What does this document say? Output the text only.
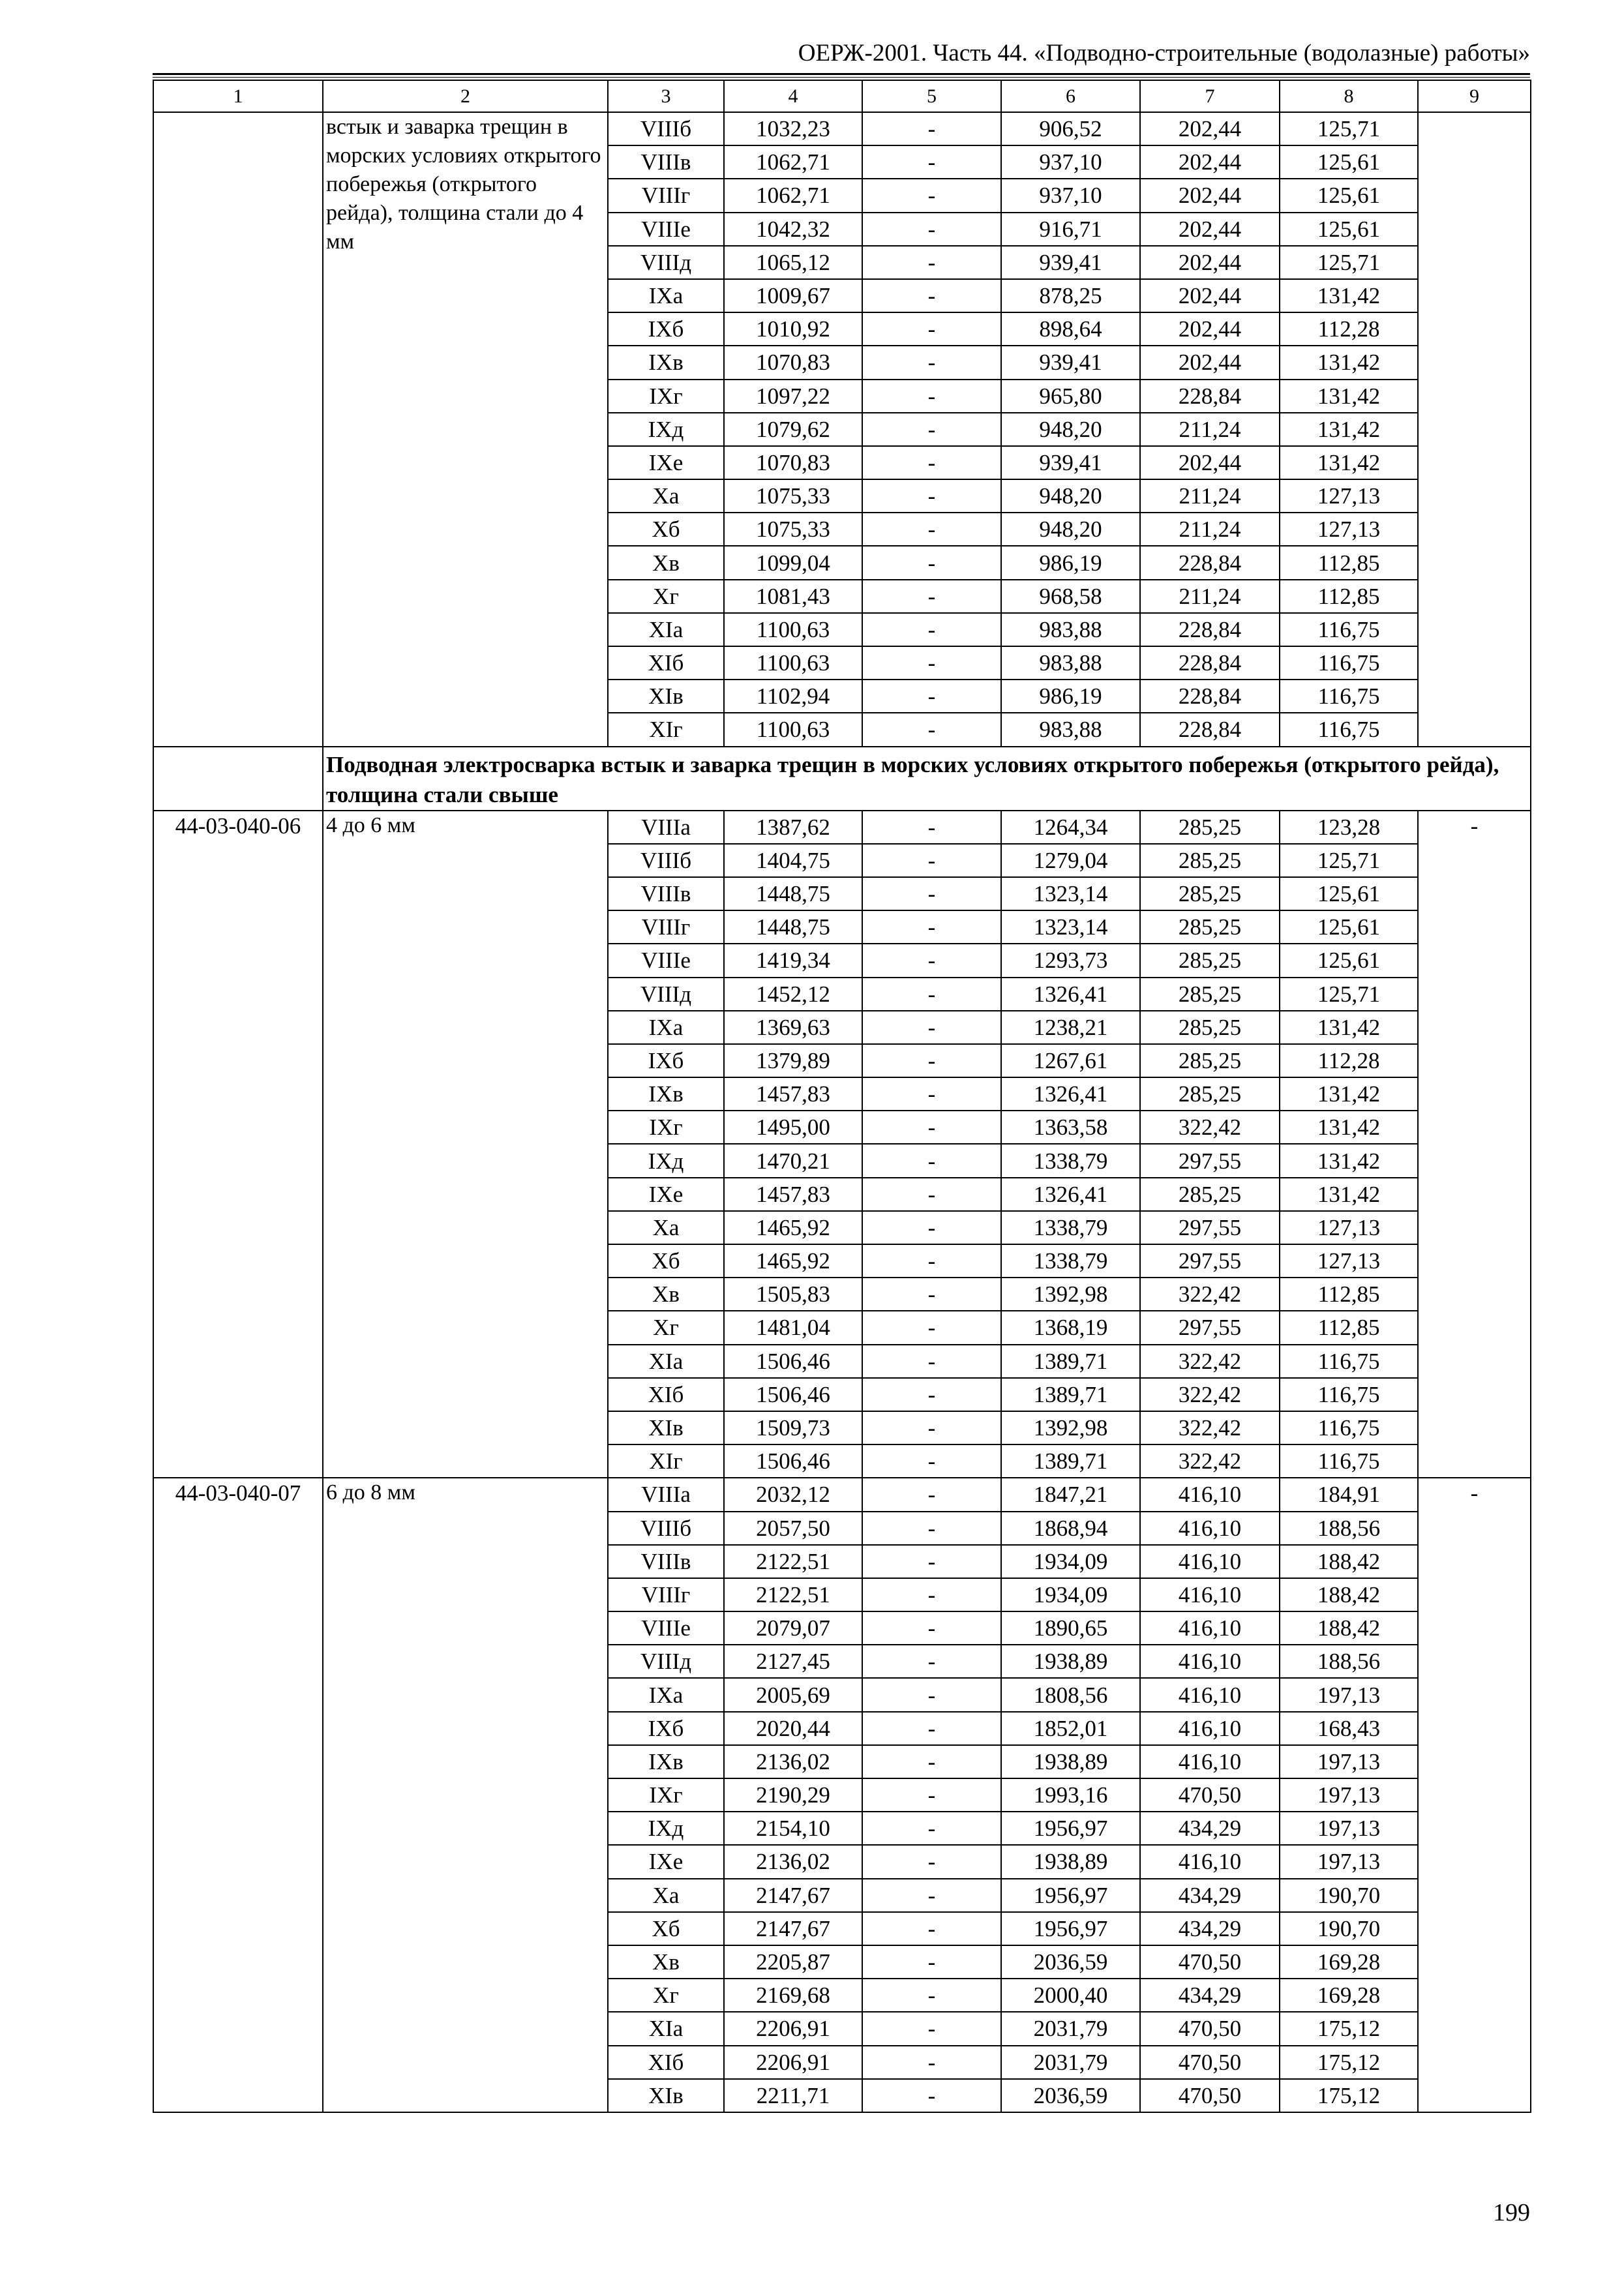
ОЕРЖ-2001. Часть 44. «Подводно-строительные (водолазные) работы»
1	2	3	4	5	6	7	8	9
	встык и заварка трещин в морских условиях открытого побережья (открытого рейда), толщина стали до 4 мм	VIIIб	1032,23	-	906,52	202,44	125,71	
		VIIIв	1062,71	-	937,10	202,44	125,61	
		VIIIг	1062,71	-	937,10	202,44	125,61	
		VIIIе	1042,32	-	916,71	202,44	125,61	
		VIIIд	1065,12	-	939,41	202,44	125,71	
		IXа	1009,67	-	878,25	202,44	131,42	
		IXб	1010,92	-	898,64	202,44	112,28	
		IXв	1070,83	-	939,41	202,44	131,42	
		IXг	1097,22	-	965,80	228,84	131,42	
		IXд	1079,62	-	948,20	211,24	131,42	
		IXе	1070,83	-	939,41	202,44	131,42	
		Xа	1075,33	-	948,20	211,24	127,13	
		Xб	1075,33	-	948,20	211,24	127,13	
		Xв	1099,04	-	986,19	228,84	112,85	
		Xг	1081,43	-	968,58	211,24	112,85	
		XIа	1100,63	-	983,88	228,84	116,75	
		XIб	1100,63	-	983,88	228,84	116,75	
		XIв	1102,94	-	986,19	228,84	116,75	
		XIг	1100,63	-	983,88	228,84	116,75	
	Подводная электросварка встык и заварка трещин в морских условиях открытого побережья (открытого рейда), толщина стали свыше							
44-03-040-06	4 до 6 мм	VIIIа	1387,62	-	1264,34	285,25	123,28	-
		VIIIб	1404,75	-	1279,04	285,25	125,71	
		VIIIв	1448,75	-	1323,14	285,25	125,61	
		VIIIг	1448,75	-	1323,14	285,25	125,61	
		VIIIе	1419,34	-	1293,73	285,25	125,61	
		VIIIд	1452,12	-	1326,41	285,25	125,71	
		IXа	1369,63	-	1238,21	285,25	131,42	
		IXб	1379,89	-	1267,61	285,25	112,28	
		IXв	1457,83	-	1326,41	285,25	131,42	
		IXг	1495,00	-	1363,58	322,42	131,42	
		IXд	1470,21	-	1338,79	297,55	131,42	
		IXе	1457,83	-	1326,41	285,25	131,42	
		Xа	1465,92	-	1338,79	297,55	127,13	
		Xб	1465,92	-	1338,79	297,55	127,13	
		Xв	1505,83	-	1392,98	322,42	112,85	
		Xг	1481,04	-	1368,19	297,55	112,85	
		XIа	1506,46	-	1389,71	322,42	116,75	
		XIб	1506,46	-	1389,71	322,42	116,75	
		XIв	1509,73	-	1392,98	322,42	116,75	
		XIг	1506,46	-	1389,71	322,42	116,75	
44-03-040-07	6 до 8 мм	VIIIа	2032,12	-	1847,21	416,10	184,91	-
		VIIIб	2057,50	-	1868,94	416,10	188,56	
		VIIIв	2122,51	-	1934,09	416,10	188,42	
		VIIIг	2122,51	-	1934,09	416,10	188,42	
		VIIIе	2079,07	-	1890,65	416,10	188,42	
		VIIIд	2127,45	-	1938,89	416,10	188,56	
		IXа	2005,69	-	1808,56	416,10	197,13	
		IXб	2020,44	-	1852,01	416,10	168,43	
		IXв	2136,02	-	1938,89	416,10	197,13	
		IXг	2190,29	-	1993,16	470,50	197,13	
		IXд	2154,10	-	1956,97	434,29	197,13	
		IXе	2136,02	-	1938,89	416,10	197,13	
		Xа	2147,67	-	1956,97	434,29	190,70	
		Xб	2147,67	-	1956,97	434,29	190,70	
		Xв	2205,87	-	2036,59	470,50	169,28	
		Xг	2169,68	-	2000,40	434,29	169,28	
		XIа	2206,91	-	2031,79	470,50	175,12	
		XIб	2206,91	-	2031,79	470,50	175,12	
		XIв	2211,71	-	2036,59	470,50	175,12	
199
